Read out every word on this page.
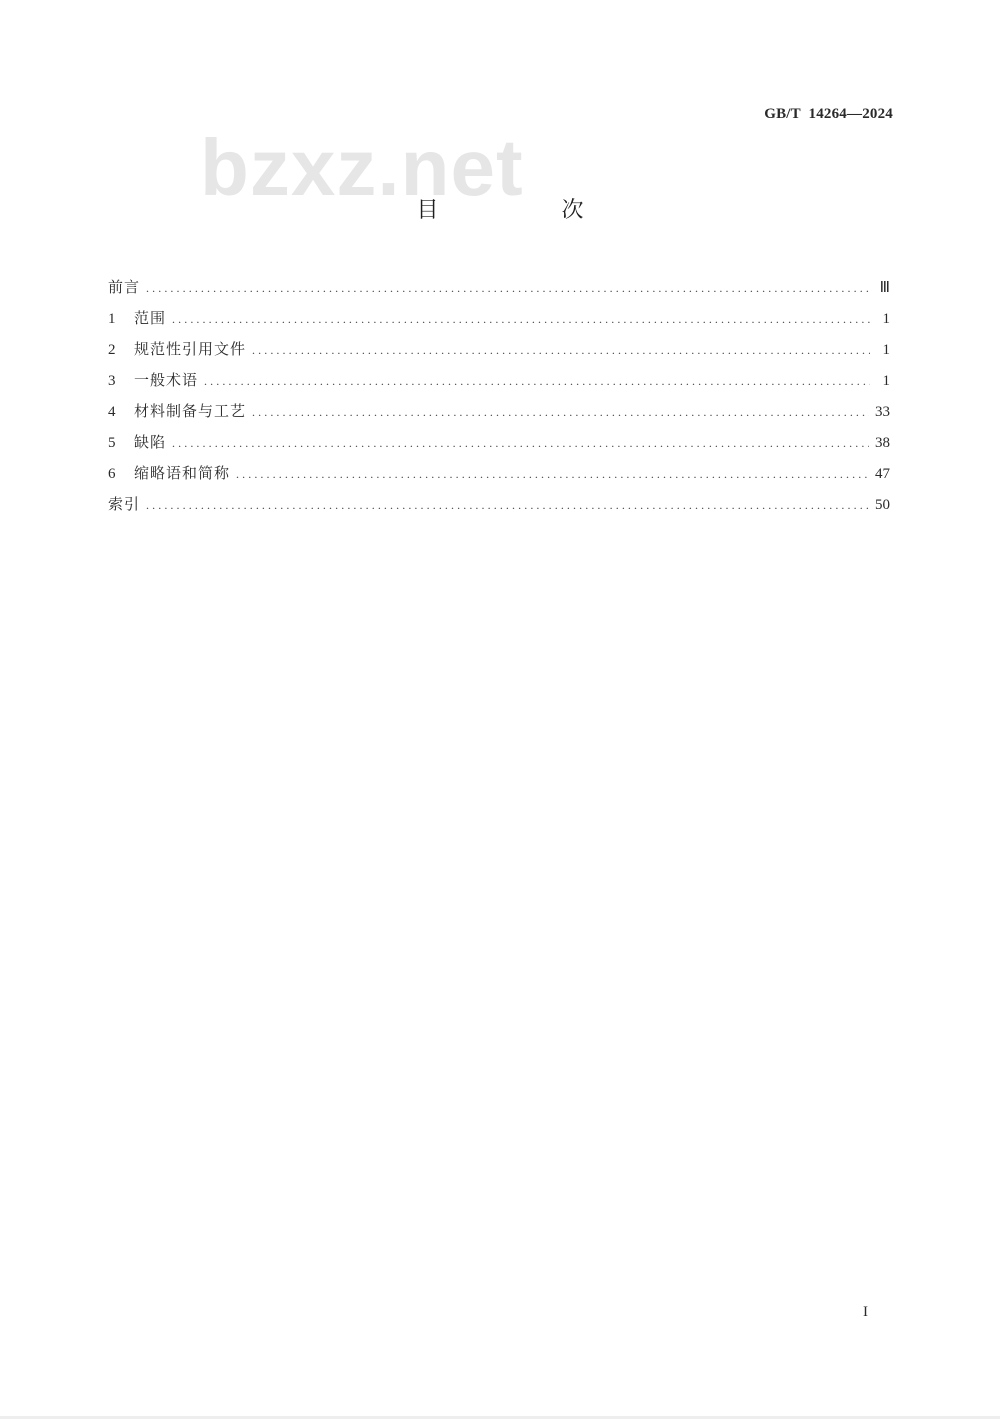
GB/T  14264—2024
bzxz.net
目 次
前言 .....	Ⅲ
1	范围 .....	1
2	规范性引用文件 .....	1
3	一般术语 .....	1
4	材料制备与工艺 .....	33
5	缺陷 .....	38
6	缩略语和简称 .....	47
索引 .....	50
I
